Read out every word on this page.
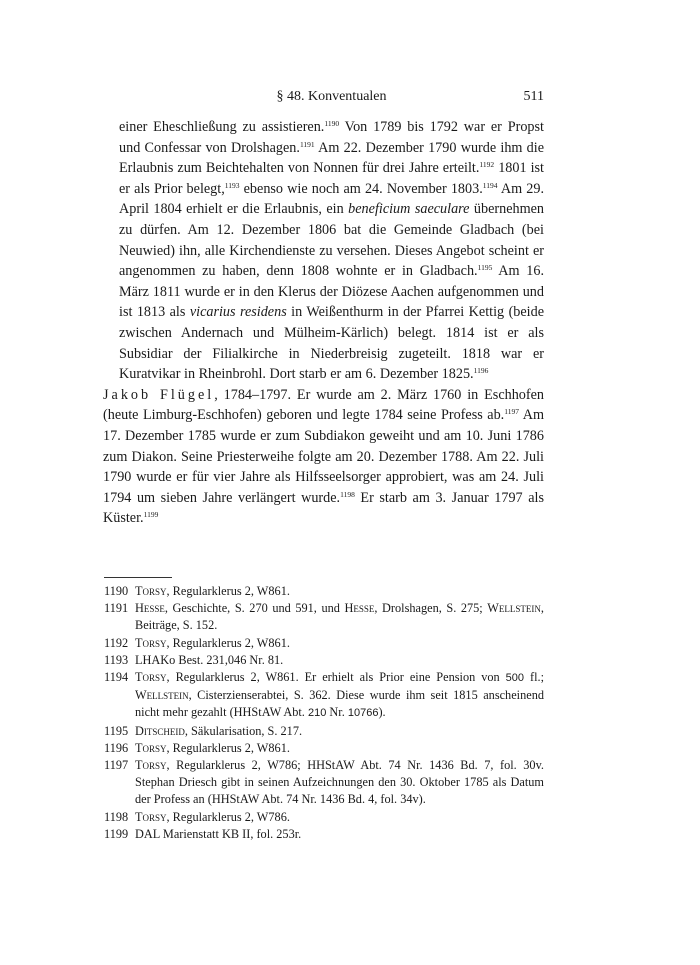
§ 48. Konventualen	511

einer Eheschließung zu assistieren.$^{1190}$ Von 1789 bis 1792 war er Propst und Confessar von Drolshagen.$^{1191}$ Am 22. Dezember 1790 wurde ihm die Erlaubnis zum Beichtehalten von Nonnen für drei Jahre erteilt.$^{1192}$ 1801 ist er als Prior belegt,$^{1193}$ ebenso wie noch am 24. November 1803.$^{1194}$ Am 29. April 1804 erhielt er die Erlaubnis, ein beneficium saeculare übernehmen zu dürfen. Am 12. Dezember 1806 bat die Gemeinde Gladbach (bei Neuwied) ihn, alle Kirchendienste zu versehen. Dieses Angebot scheint er angenommen zu haben, denn 1808 wohnte er in Gladbach.$^{1195}$ Am 16. März 1811 wurde er in den Klerus der Diözese Aachen aufgenommen und ist 1813 als vicarius residens in Weißenthurm in der Pfarrei Kettig (beide zwischen Andernach und Mülheim-Kärlich) belegt. 1814 ist er als Subsidiar der Filialkirche in Niederbreisig zugeteilt. 1818 war er Kuratvikar in Rheinbrohl. Dort starb er am 6. Dezember 1825.$^{1196}$

Jakob Flügel, 1784–1797. Er wurde am 2. März 1760 in Eschhofen (heute Limburg-Eschhofen) geboren und legte 1784 seine Profess ab.$^{1197}$ Am 17. Dezember 1785 wurde er zum Subdiakon geweiht und am 10. Juni 1786 zum Diakon. Seine Priesterweihe folgte am 20. Dezember 1788. Am 22. Juli 1790 wurde er für vier Jahre als Hilfsseelsorger approbiert, was am 24. Juli 1794 um sieben Jahre verlängert wurde.$^{1198}$ Er starb am 3. Januar 1797 als Küster.$^{1199}$

1190 Torsy, Regularklerus 2, W861.
1191 Hesse, Geschichte, S. 270 und 591, und Hesse, Drolshagen, S. 275; Wellstein, Beiträge, S. 152.
1192 Torsy, Regularklerus 2, W861.
1193 LHAKo Best. 231,046 Nr. 81.
1194 Torsy, Regularklerus 2, W861. Er erhielt als Prior eine Pension von 500 fl.; Wellstein, Cisterzienserabtei, S. 362. Diese wurde ihm seit 1815 anscheinend nicht mehr gezahlt (HHStAW Abt. 210 Nr. 10766).
1195 Ditscheid, Säkularisation, S. 217.
1196 Torsy, Regularklerus 2, W861.
1197 Torsy, Regularklerus 2, W786; HHStAW Abt. 74 Nr. 1436 Bd. 7, fol. 30v. Stephan Driesch gibt in seinen Aufzeichnungen den 30. Oktober 1785 als Datum der Profess an (HHStAW Abt. 74 Nr. 1436 Bd. 4, fol. 34v).
1198 Torsy, Regularklerus 2, W786.
1199 DAL Marienstatt KB II, fol. 253r.
